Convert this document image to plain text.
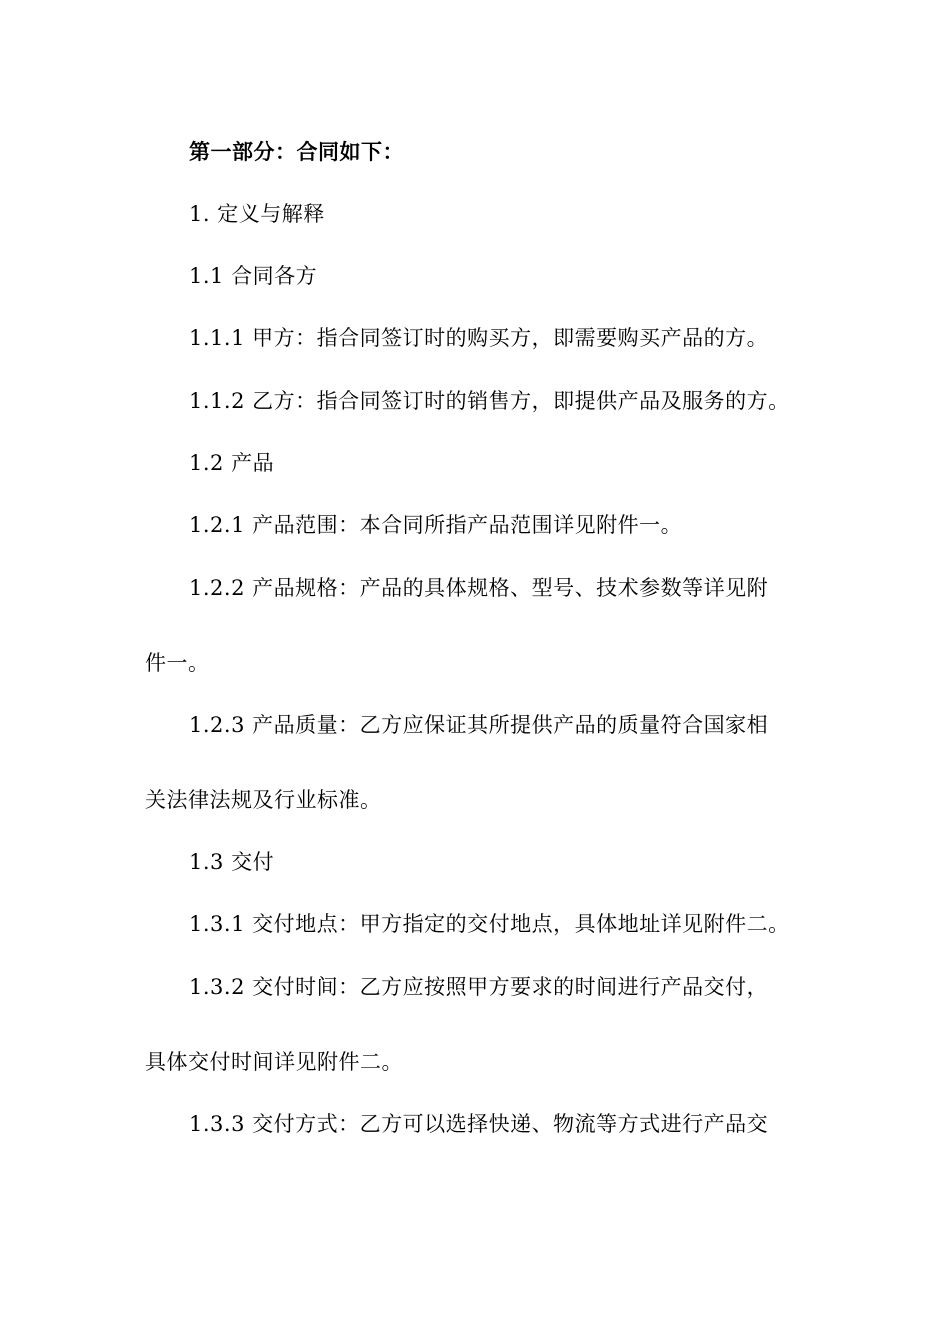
第一部分：合同如下：
1. 定义与解释
1.1 合同各方
1.1.1 甲方：指合同签订时的购买方，即需要购买产品的方。
1.1.2 乙方：指合同签订时的销售方，即提供产品及服务的方。
1.2 产品
1.2.1 产品范围：本合同所指产品范围详见附件一。
1.2.2 产品规格：产品的具体规格、型号、技术参数等详见附
件一。
1.2.3 产品质量：乙方应保证其所提供产品的质量符合国家相
关法律法规及行业标准。
1.3 交付
1.3.1 交付地点：甲方指定的交付地点，具体地址详见附件二。
1.3.2 交付时间：乙方应按照甲方要求的时间进行产品交付，
具体交付时间详见附件二。
1.3.3 交付方式：乙方可以选择快递、物流等方式进行产品交
